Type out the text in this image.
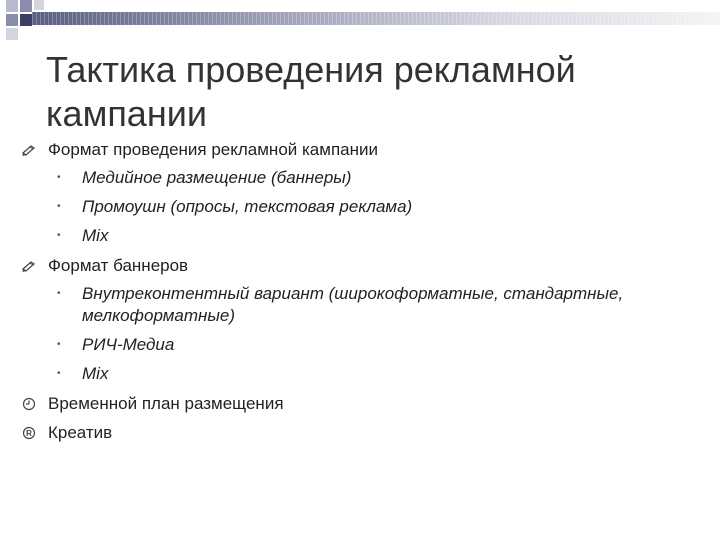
Тактика проведения рекламной
кампании
Формат проведения рекламной кампании
• Медийное размещение (баннеры)
• Промоушн (опросы, текстовая реклама)
• Mix
Формат баннеров
• Внутреконтентный вариант (широкоформатные, стандартные, мелкоформатные)
• РИЧ-Медиа
• Mix
Временной план размещения
R Креатив
